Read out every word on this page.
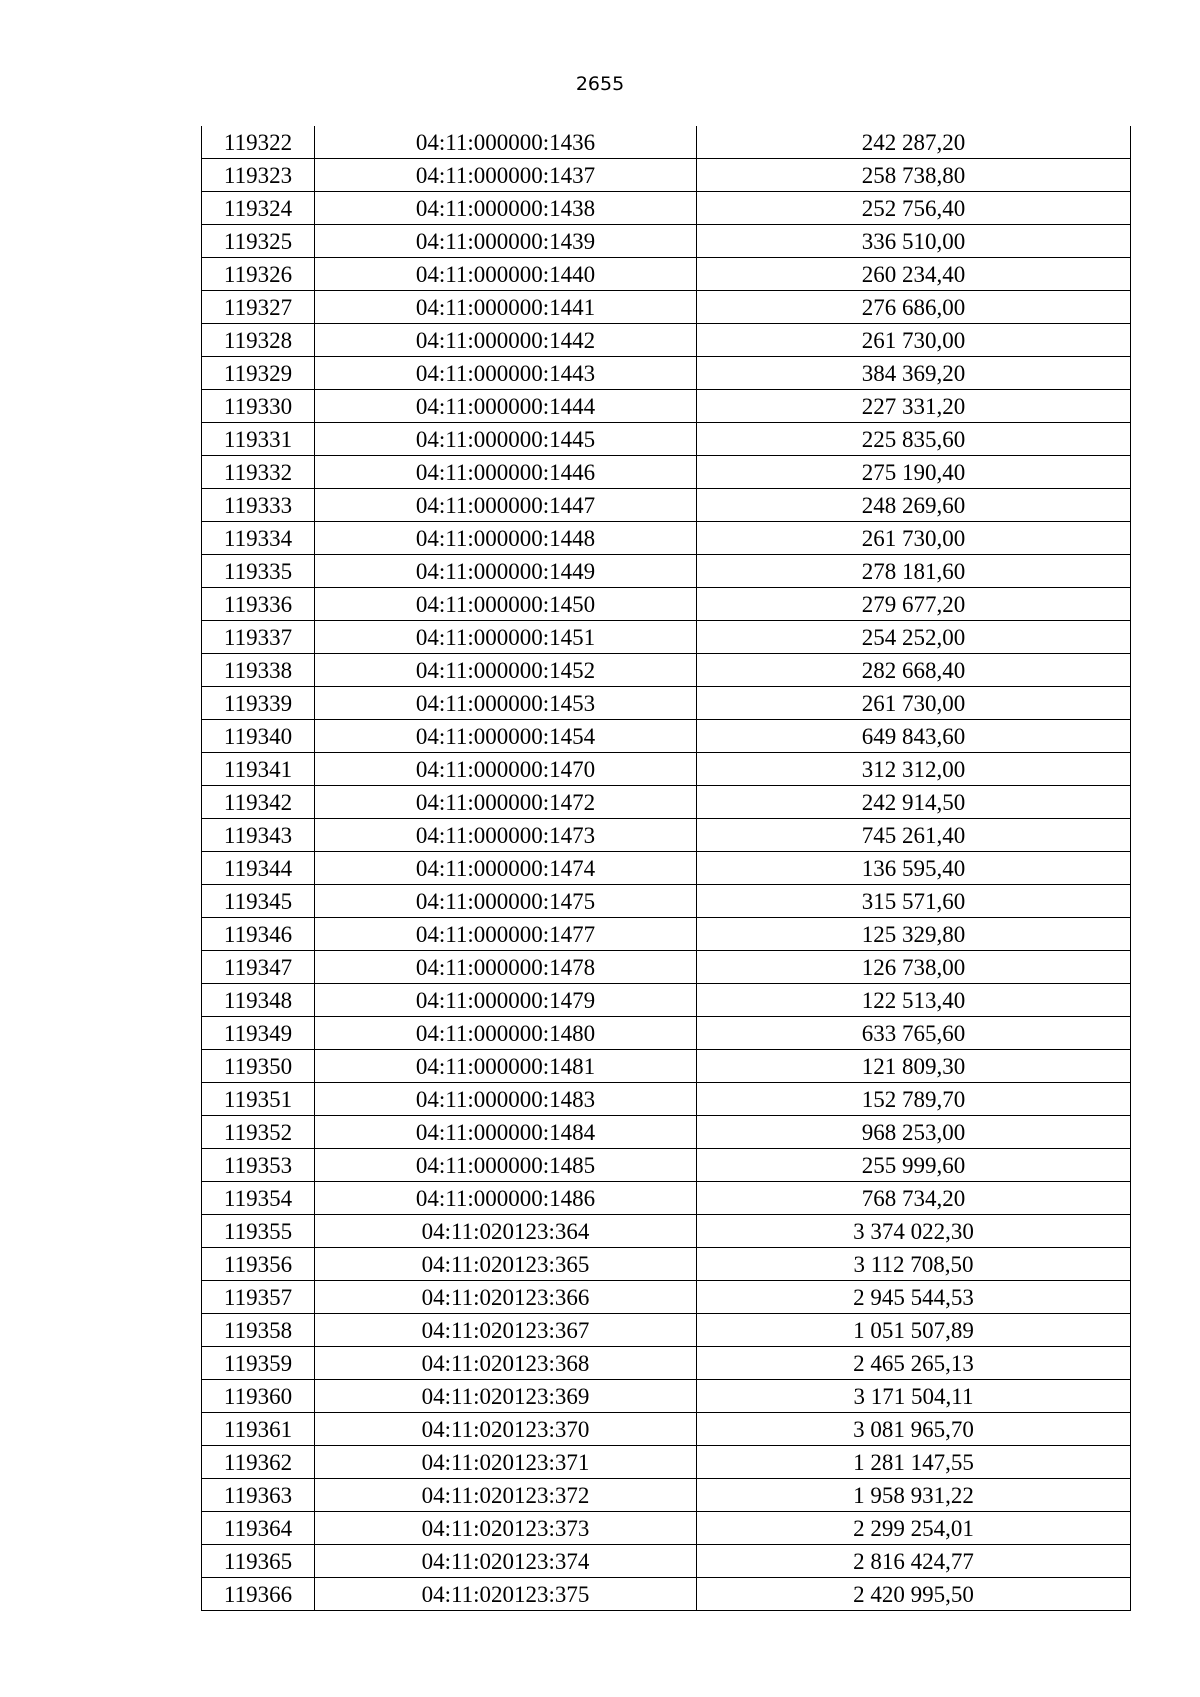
2655
119322	04:11:000000:1436	242 287,20
119323	04:11:000000:1437	258 738,80
119324	04:11:000000:1438	252 756,40
119325	04:11:000000:1439	336 510,00
119326	04:11:000000:1440	260 234,40
119327	04:11:000000:1441	276 686,00
119328	04:11:000000:1442	261 730,00
119329	04:11:000000:1443	384 369,20
119330	04:11:000000:1444	227 331,20
119331	04:11:000000:1445	225 835,60
119332	04:11:000000:1446	275 190,40
119333	04:11:000000:1447	248 269,60
119334	04:11:000000:1448	261 730,00
119335	04:11:000000:1449	278 181,60
119336	04:11:000000:1450	279 677,20
119337	04:11:000000:1451	254 252,00
119338	04:11:000000:1452	282 668,40
119339	04:11:000000:1453	261 730,00
119340	04:11:000000:1454	649 843,60
119341	04:11:000000:1470	312 312,00
119342	04:11:000000:1472	242 914,50
119343	04:11:000000:1473	745 261,40
119344	04:11:000000:1474	136 595,40
119345	04:11:000000:1475	315 571,60
119346	04:11:000000:1477	125 329,80
119347	04:11:000000:1478	126 738,00
119348	04:11:000000:1479	122 513,40
119349	04:11:000000:1480	633 765,60
119350	04:11:000000:1481	121 809,30
119351	04:11:000000:1483	152 789,70
119352	04:11:000000:1484	968 253,00
119353	04:11:000000:1485	255 999,60
119354	04:11:000000:1486	768 734,20
119355	04:11:020123:364	3 374 022,30
119356	04:11:020123:365	3 112 708,50
119357	04:11:020123:366	2 945 544,53
119358	04:11:020123:367	1 051 507,89
119359	04:11:020123:368	2 465 265,13
119360	04:11:020123:369	3 171 504,11
119361	04:11:020123:370	3 081 965,70
119362	04:11:020123:371	1 281 147,55
119363	04:11:020123:372	1 958 931,22
119364	04:11:020123:373	2 299 254,01
119365	04:11:020123:374	2 816 424,77
119366	04:11:020123:375	2 420 995,50
